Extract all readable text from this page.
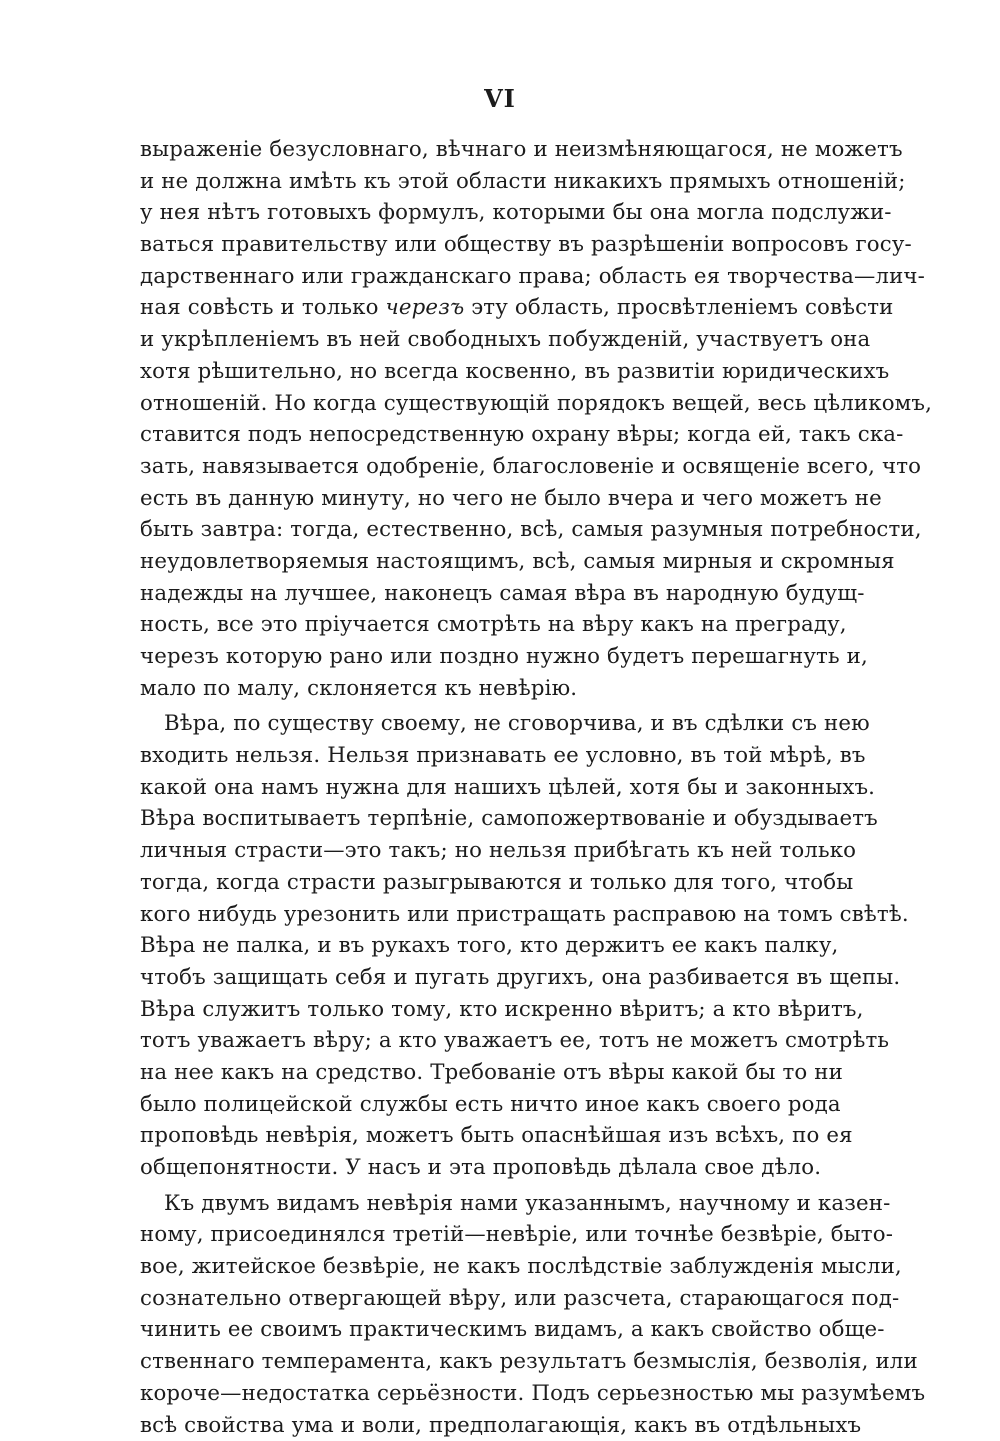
VI
выраженіе безусловнаго, вѣчнаго и неизмѣняющагося, не можетъ
и не должна имѣть къ этой области никакихъ прямыхъ отношеній;
у нея нѣтъ готовыхъ формулъ, которыми бы она могла подслужи-
ваться правительству или обществу въ разрѣшеніи вопросовъ госу-
дарственнаго или гражданскаго права; область ея творчества—лич-
ная совѣсть и только черезъ эту область, просвѣтленіемъ совѣсти
и укрѣпленіемъ въ ней свободныхъ побужденій, участвуетъ она
хотя рѣшительно, но всегда косвенно, въ развитіи юридическихъ
отношеній. Но когда существующій порядокъ вещей, весь цѣликомъ,
ставится подъ непосредственную охрану вѣры; когда ей, такъ ска-
зать, навязывается одобреніе, благословеніе и освященіе всего, что
есть въ данную минуту, но чего не было вчера и чего можетъ не
быть завтра: тогда, естественно, всѣ, самыя разумныя потребности,
неудовлетворяемыя настоящимъ, всѣ, самыя мирныя и скромныя
надежды на лучшее, наконецъ самая вѣра въ народную будущ-
ность, все это пріучается смотрѣть на вѣру какъ на преграду,
черезъ которую рано или поздно нужно будетъ перешагнуть и,
мало по малу, склоняется къ невѣрію.
Вѣра, по существу своему, не сговорчива, и въ сдѣлки съ нею
входить нельзя. Нельзя признавать ее условно, въ той мѣрѣ, въ
какой она намъ нужна для нашихъ цѣлей, хотя бы и законныхъ.
Вѣра воспитываетъ терпѣніе, самопожертвованіе и обуздываетъ
личныя страсти—это такъ; но нельзя прибѣгать къ ней только
тогда, когда страсти разыгрываются и только для того, чтобы
кого нибудь урезонить или пристращать расправою на томъ свѣтѣ.
Вѣра не палка, и въ рукахъ того, кто держитъ ее какъ палку,
чтобъ защищать себя и пугать другихъ, она разбивается въ щепы.
Вѣра служитъ только тому, кто искренно вѣритъ; а кто вѣритъ,
тотъ уважаетъ вѣру; а кто уважаетъ ее, тотъ не можетъ смотрѣть
на нее какъ на средство. Требованіе отъ вѣры какой бы то ни
было полицейской службы есть ничто иное какъ своего рода
проповѣдь невѣрія, можетъ быть опаснѣйшая изъ всѣхъ, по ея
общепонятности. У насъ и эта проповѣдь дѣлала свое дѣло.
Къ двумъ видамъ невѣрія нами указаннымъ, научному и казен-
ному, присоединялся третій—невѣріе, или точнѣе безвѣріе, быто-
вое, житейское безвѣріе, не какъ послѣдствіе заблужденія мысли,
сознательно отвергающей вѣру, или разсчета, старающагося под-
чинить ее своимъ практическимъ видамъ, а какъ свойство обще-
ственнаго темперамента, какъ результатъ безмыслія, безволія, или
короче—недостатка серьёзности. Подъ серьезностью мы разумѣемъ
всѣ свойства ума и воли, предполагающія, какъ въ отдѣльныхъ
